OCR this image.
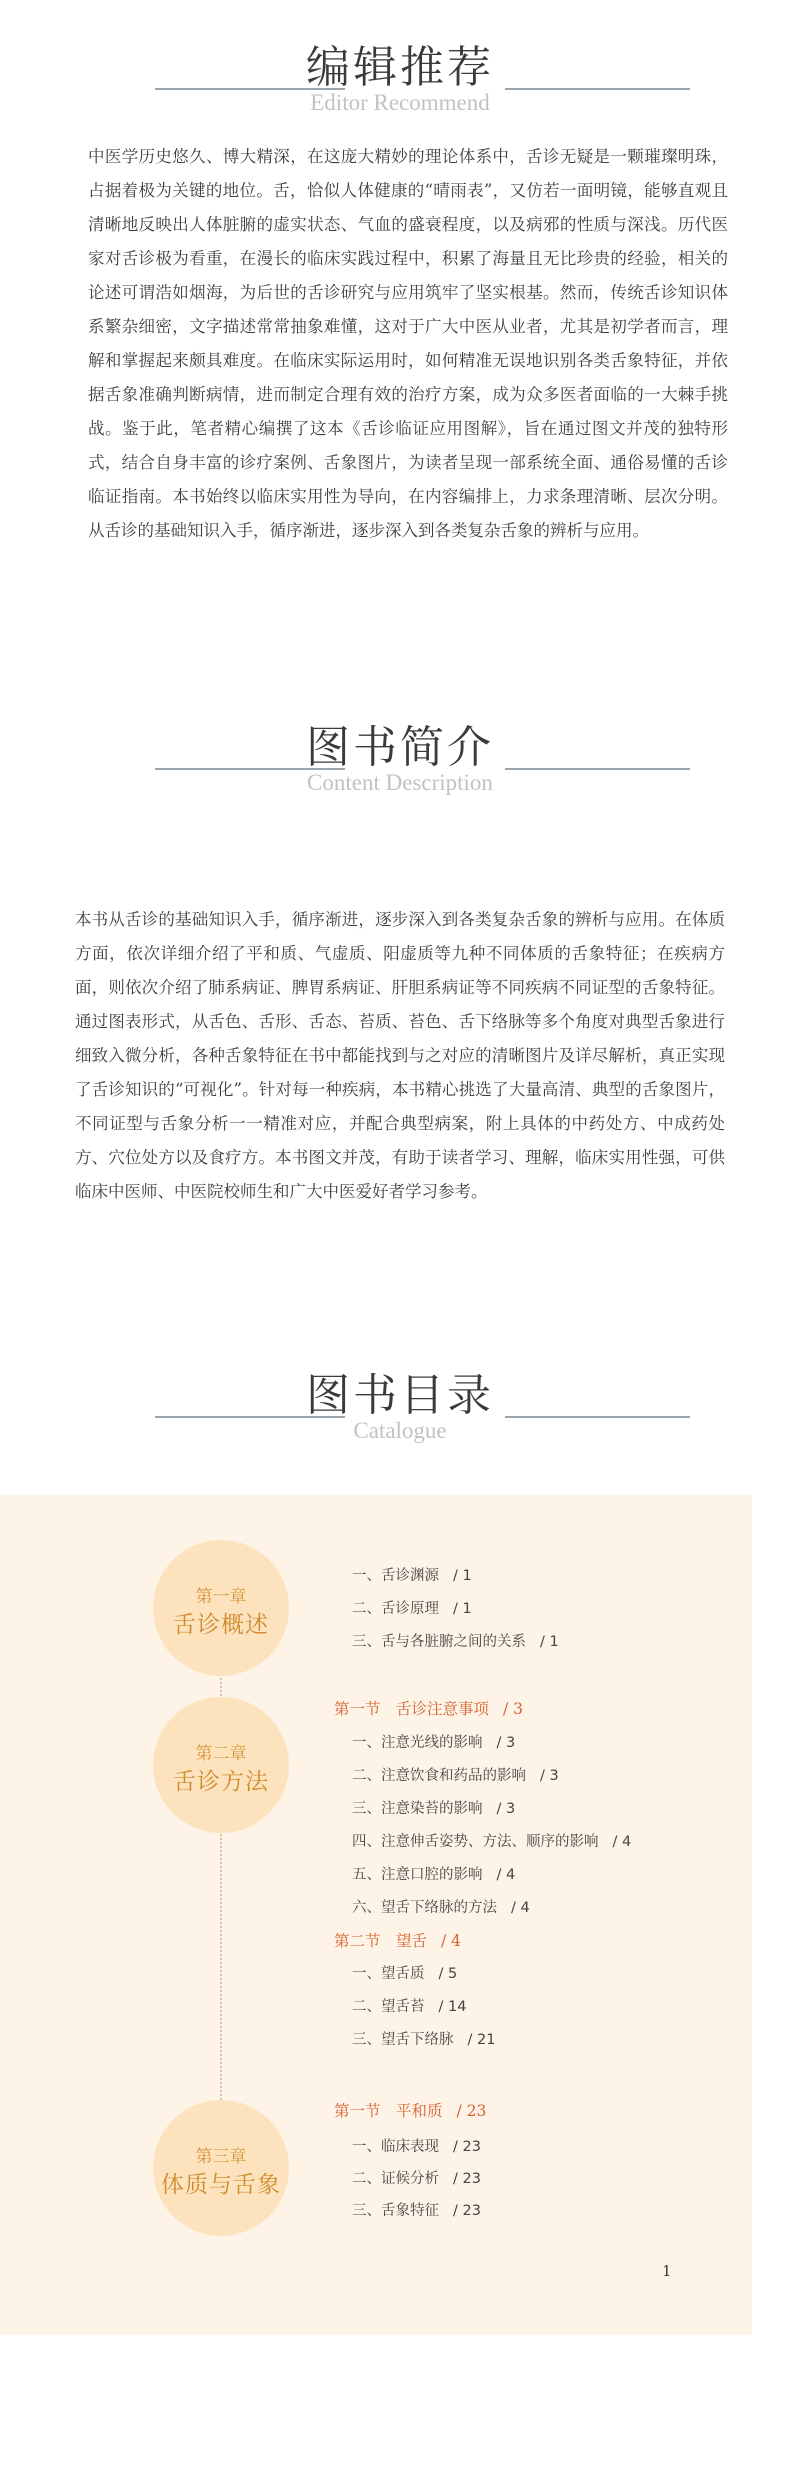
编辑推荐
Editor Recommend

中医学历史悠久、博大精深，在这庞大精妙的理论体系中，舌诊无疑是一颗璀璨明珠，占据着极为关键的地位。舌，恰似人体健康的“晴雨表”，又仿若一面明镜，能够直观且清晰地反映出人体脏腑的虚实状态、气血的盛衰程度，以及病邪的性质与深浅。历代医家对舌诊极为看重，在漫长的临床实践过程中，积累了海量且无比珍贵的经验，相关的论述可谓浩如烟海，为后世的舌诊研究与应用筑牢了坚实根基。然而，传统舌诊知识体系繁杂细密，文字描述常常抽象难懂，这对于广大中医从业者，尤其是初学者而言，理解和掌握起来颇具难度。在临床实际运用时，如何精准无误地识别各类舌象特征，并依据舌象准确判断病情，进而制定合理有效的治疗方案，成为众多医者面临的一大棘手挑战。鉴于此，笔者精心编撰了这本《舌诊临证应用图解》，旨在通过图文并茂的独特形式，结合自身丰富的诊疗案例、舌象图片，为读者呈现一部系统全面、通俗易懂的舌诊临证指南。本书始终以临床实用性为导向，在内容编排上，力求条理清晰、层次分明。从舌诊的基础知识入手，循序渐进，逐步深入到各类复杂舌象的辨析与应用。

图书简介
Content Description

本书从舌诊的基础知识入手，循序渐进，逐步深入到各类复杂舌象的辨析与应用。在体质方面，依次详细介绍了平和质、气虚质、阳虚质等九种不同体质的舌象特征；在疾病方面，则依次介绍了肺系病证、脾胃系病证、肝胆系病证等不同疾病不同证型的舌象特征。通过图表形式，从舌色、舌形、舌态、苔质、苔色、舌下络脉等多个角度对典型舌象进行细致入微分析，各种舌象特征在书中都能找到与之对应的清晰图片及详尽解析，真正实现了舌诊知识的“可视化”。针对每一种疾病，本书精心挑选了大量高清、典型的舌象图片，不同证型与舌象分析一一精准对应，并配合典型病案，附上具体的中药处方、中成药处方、穴位处方以及食疗方。本书图文并茂，有助于读者学习、理解，临床实用性强，可供临床中医师、中医院校师生和广大中医爱好者学习参考。

图书目录
Catalogue
第一章
舌诊概述
一、舌诊渊源 / 1
二、舌诊原理 / 1
三、舌与各脏腑之间的关系 / 1
第二章
舌诊方法
第一节　舌诊注意事项 / 3
一、注意光线的影响 / 3
二、注意饮食和药品的影响 / 3
三、注意染苔的影响 / 3
四、注意伸舌姿势、方法、顺序的影响 / 4
五、注意口腔的影响 / 4
六、望舌下络脉的方法 / 4
第二节　望舌 / 4
一、望舌质 / 5
二、望舌苔 / 14
三、望舌下络脉 / 21
第三章
体质与舌象
第一节　平和质 / 23
一、临床表现 / 23
二、证候分析 / 23
三、舌象特征 / 23
1
